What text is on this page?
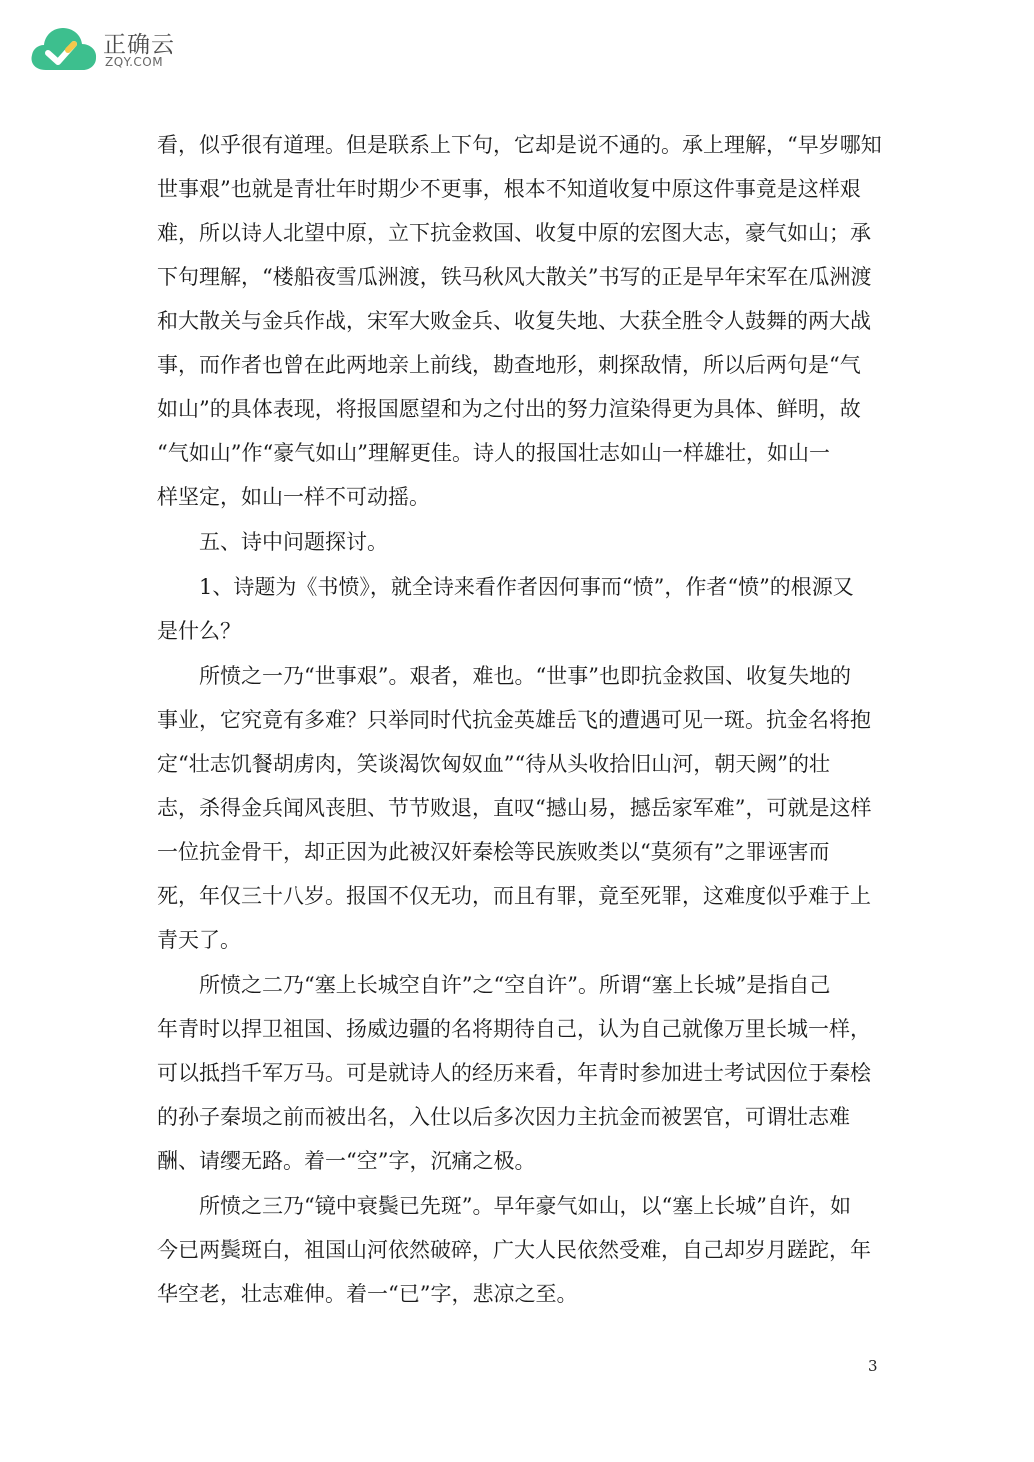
正确云
ZQY.COM
看，似乎很有道理。但是联系上下句，它却是说不通的。承上理解，“早岁哪知
世事艰”也就是青壮年时期少不更事，根本不知道收复中原这件事竟是这样艰
难，所以诗人北望中原，立下抗金救国、收复中原的宏图大志，豪气如山；承
下句理解，“楼船夜雪瓜洲渡，铁马秋风大散关”书写的正是早年宋军在瓜洲渡
和大散关与金兵作战，宋军大败金兵、收复失地、大获全胜令人鼓舞的两大战
事，而作者也曾在此两地亲上前线，勘查地形，刺探敌情，所以后两句是“气
如山”的具体表现，将报国愿望和为之付出的努力渲染得更为具体、鲜明，故
“气如山”作“豪气如山”理解更佳。诗人的报国壮志如山一样雄壮，如山一
样坚定，如山一样不可动摇。
五、诗中问题探讨。
1、诗题为《书愤》，就全诗来看作者因何事而“愤”，作者“愤”的根源又
是什么？
所愤之一乃“世事艰”。艰者，难也。“世事”也即抗金救国、收复失地的
事业，它究竟有多难？只举同时代抗金英雄岳飞的遭遇可见一斑。抗金名将抱
定“壮志饥餐胡虏肉，笑谈渴饮匈奴血”“待从头收拾旧山河，朝天阙”的壮
志，杀得金兵闻风丧胆、节节败退，直叹“撼山易，撼岳家军难”，可就是这样
一位抗金骨干，却正因为此被汉奸秦桧等民族败类以“莫须有”之罪诬害而
死，年仅三十八岁。报国不仅无功，而且有罪，竟至死罪，这难度似乎难于上
青天了。
所愤之二乃“塞上长城空自许”之“空自许”。所谓“塞上长城”是指自己
年青时以捍卫祖国、扬威边疆的名将期待自己，认为自己就像万里长城一样，
可以抵挡千军万马。可是就诗人的经历来看，年青时参加进士考试因位于秦桧
的孙子秦埙之前而被出名，入仕以后多次因力主抗金而被罢官，可谓壮志难
酬、请缨无路。着一“空”字，沉痛之极。
所愤之三乃“镜中衰鬓已先斑”。早年豪气如山，以“塞上长城”自许，如
今已两鬓斑白，祖国山河依然破碎，广大人民依然受难，自己却岁月蹉跎，年
华空老，壮志难伸。着一“已”字，悲凉之至。
3
